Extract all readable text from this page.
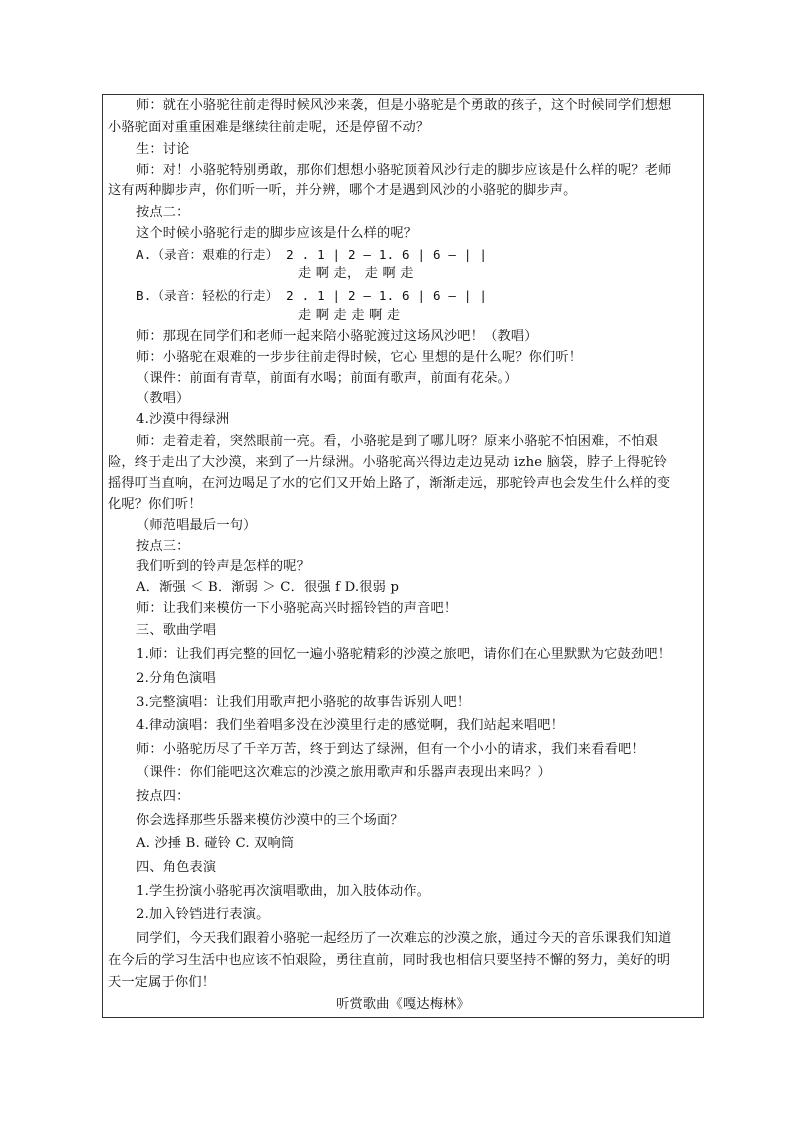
师：就在小骆驼往前走得时候风沙来袭，但是小骆驼是个勇敢的孩子，这个时候同学们想想
小骆驼面对重重困难是继续往前走呢，还是停留不动？
生：讨论
师：对！小骆驼特别勇敢，那你们想想小骆驼顶着风沙行走的脚步应该是什么样的呢？老师
这有两种脚步声，你们听一听，并分辨，哪个才是遇到风沙的小骆驼的脚步声。
按点二：
这个时候小骆驼行走的脚步应该是什么样的呢？
A.（录音：艰难的行走） 2 . 1 | 2 – 1. 6 | 6 – | |
走 啊 走， 走 啊 走
B.（录音：轻松的行走） 2 . 1 | 2 – 1. 6 | 6 – | |
走 啊 走 走 啊 走
师：那现在同学们和老师一起来陪小骆驼渡过这场风沙吧！（教唱）
师：小骆驼在艰难的一步步往前走得时候，它心 里想的是什么呢？你们听！
（课件：前面有青草，前面有水喝；前面有歌声，前面有花朵。）
（教唱）
4.沙漠中得绿洲
师：走着走着，突然眼前一亮。看，小骆驼是到了哪儿呀？原来小骆驼不怕困难，不怕艰
险，终于走出了大沙漠，来到了一片绿洲。小骆驼高兴得边走边晃动 izhe 脑袋，脖子上得驼铃
摇得叮当直响，在河边喝足了水的它们又开始上路了，渐渐走远，那驼铃声也会发生什么样的变
化呢？你们听！
（师范唱最后一句）
按点三：
我们听到的铃声是怎样的呢？
A．渐强 ＜ B．渐弱 ＞ C．很强 f D.很弱 p
师：让我们来模仿一下小骆驼高兴时摇铃铛的声音吧！
三、歌曲学唱
1.师：让我们再完整的回忆一遍小骆驼精彩的沙漠之旅吧，请你们在心里默默为它鼓劲吧！
2.分角色演唱
3.完整演唱：让我们用歌声把小骆驼的故事告诉别人吧！
4.律动演唱：我们坐着唱多没在沙漠里行走的感觉啊，我们站起来唱吧！
师：小骆驼历尽了千辛万苦，终于到达了绿洲，但有一个小小的请求，我们来看看吧！
（课件：你们能吧这次难忘的沙漠之旅用歌声和乐器声表现出来吗？）
按点四：
你会选择那些乐器来模仿沙漠中的三个场面？
A. 沙捶 B. 碰铃 C. 双响筒
四、角色表演
1.学生扮演小骆驼再次演唱歌曲，加入肢体动作。
2.加入铃铛进行表演。
同学们，今天我们跟着小骆驼一起经历了一次难忘的沙漠之旅，通过今天的音乐课我们知道
在今后的学习生活中也应该不怕艰险，勇往直前，同时我也相信只要坚持不懈的努力，美好的明
天一定属于你们！
听赏歌曲《嘎达梅林》
